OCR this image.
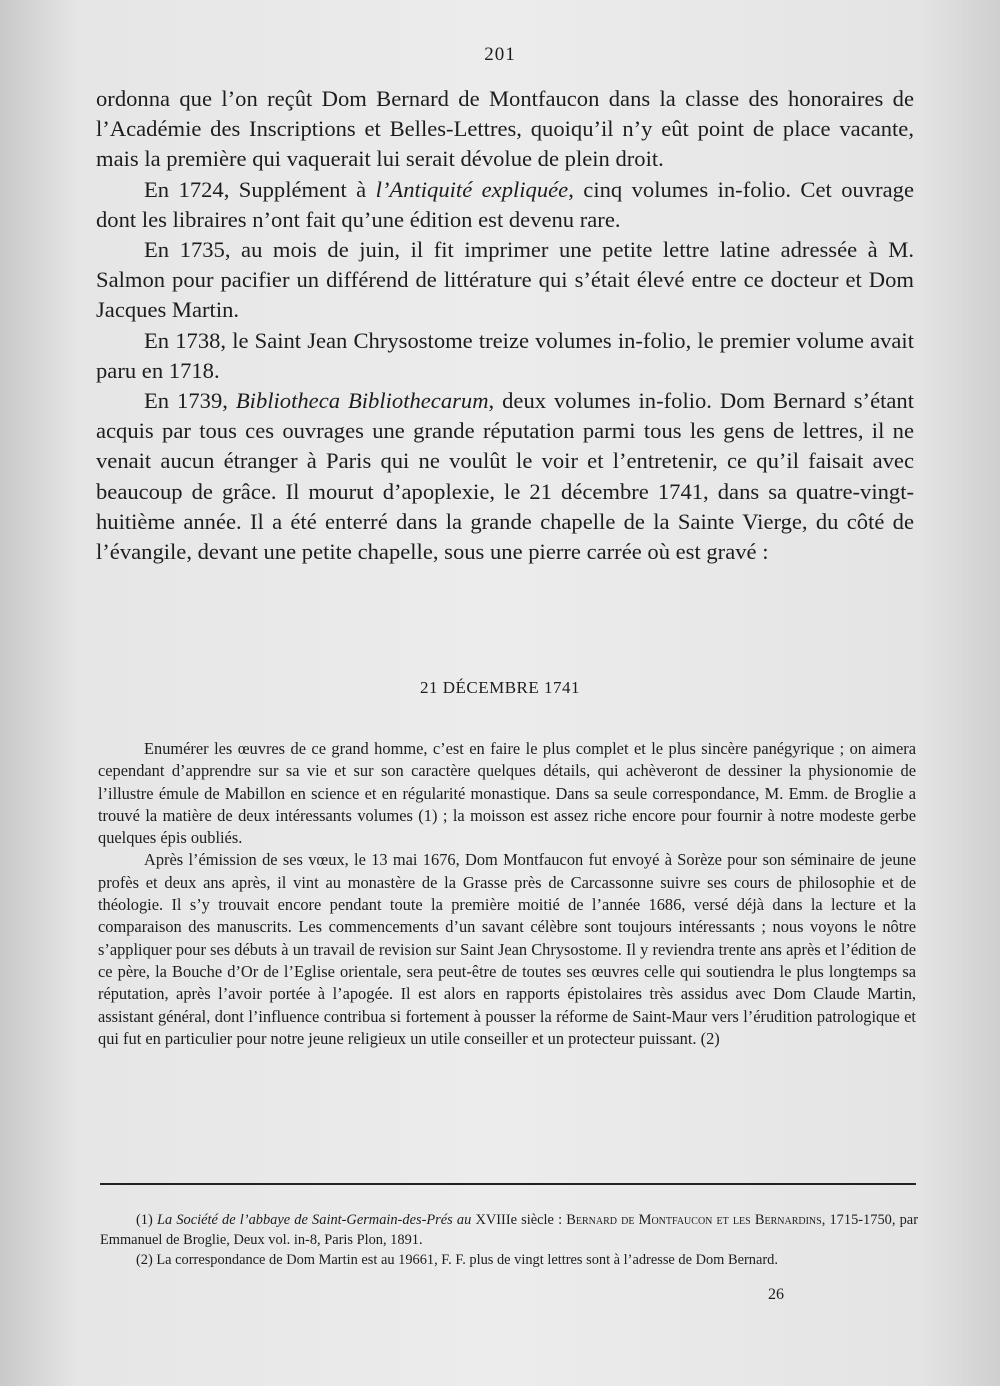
201

ordonna que l’on reçût Dom Bernard de Montfaucon dans la classe des honoraires de l’Académie des Inscriptions et Belles-Lettres, quoiqu’il n’y eût point de place vacante, mais la première qui vaquerait lui serait dévolue de plein droit.

En 1724, Supplément à l’Antiquité expliquée, cinq volumes in-folio. Cet ouvrage dont les libraires n’ont fait qu’une édition est devenu rare.

En 1735, au mois de juin, il fit imprimer une petite lettre latine adressée à M. Salmon pour pacifier un différend de littérature qui s’était élevé entre ce docteur et Dom Jacques Martin.

En 1738, le Saint Jean Chrysostome treize volumes in-folio, le premier volume avait paru en 1718.

En 1739, Bibliotheca Bibliothecarum, deux volumes in-folio. Dom Bernard s’étant acquis par tous ces ouvrages une grande réputation parmi tous les gens de lettres, il ne venait aucun étranger à Paris qui ne voulût le voir et l’entretenir, ce qu’il faisait avec beaucoup de grâce. Il mourut d’apoplexie, le 21 décembre 1741, dans sa quatre-vingt-huitième année. Il a été enterré dans la grande chapelle de la Sainte Vierge, du côté de l’évangile, devant une petite chapelle, sous une pierre carrée où est gravé :

21 DÉCEMBRE 1741

Enumérer les œuvres de ce grand homme, c’est en faire le plus complet et le plus sincère panégyrique ; on aimera cependant d’apprendre sur sa vie et sur son caractère quelques détails, qui achèveront de dessiner la physionomie de l’illustre émule de Mabillon en science et en régularité monastique. Dans sa seule correspondance, M. Emm. de Broglie a trouvé la matière de deux intéressants volumes (1) ; la moisson est assez riche encore pour fournir à notre modeste gerbe quelques épis oubliés.

Après l’émission de ses vœux, le 13 mai 1676, Dom Montfaucon fut envoyé à Sorèze pour son séminaire de jeune profès et deux ans après, il vint au monastère de la Grasse près de Carcassonne suivre ses cours de philosophie et de théologie. Il s’y trouvait encore pendant toute la première moitié de l’année 1686, versé déjà dans la lecture et la comparaison des manuscrits. Les commencements d’un savant célèbre sont toujours intéressants ; nous voyons le nôtre s’appliquer pour ses débuts à un travail de revision sur Saint Jean Chrysostome. Il y reviendra trente ans après et l’édition de ce père, la Bouche d’Or de l’Eglise orientale, sera peut-être de toutes ses œuvres celle qui soutiendra le plus longtemps sa réputation, après l’avoir portée à l’apogée. Il est alors en rapports épistolaires très assidus avec Dom Claude Martin, assistant général, dont l’influence contribua si fortement à pousser la réforme de Saint-Maur vers l’érudition patrologique et qui fut en particulier pour notre jeune religieux un utile conseiller et un protecteur puissant. (2)

(1) La Société de l’abbaye de Saint-Germain-des-Prés au XVIIIe siècle : Bernard de Montfaucon et les Bernardins, 1715-1750, par Emmanuel de Broglie, Deux vol. in-8, Paris Plon, 1891.

(2) La correspondance de Dom Martin est au 19661, F. F. plus de vingt lettres sont à l’adresse de Dom Bernard.

26
